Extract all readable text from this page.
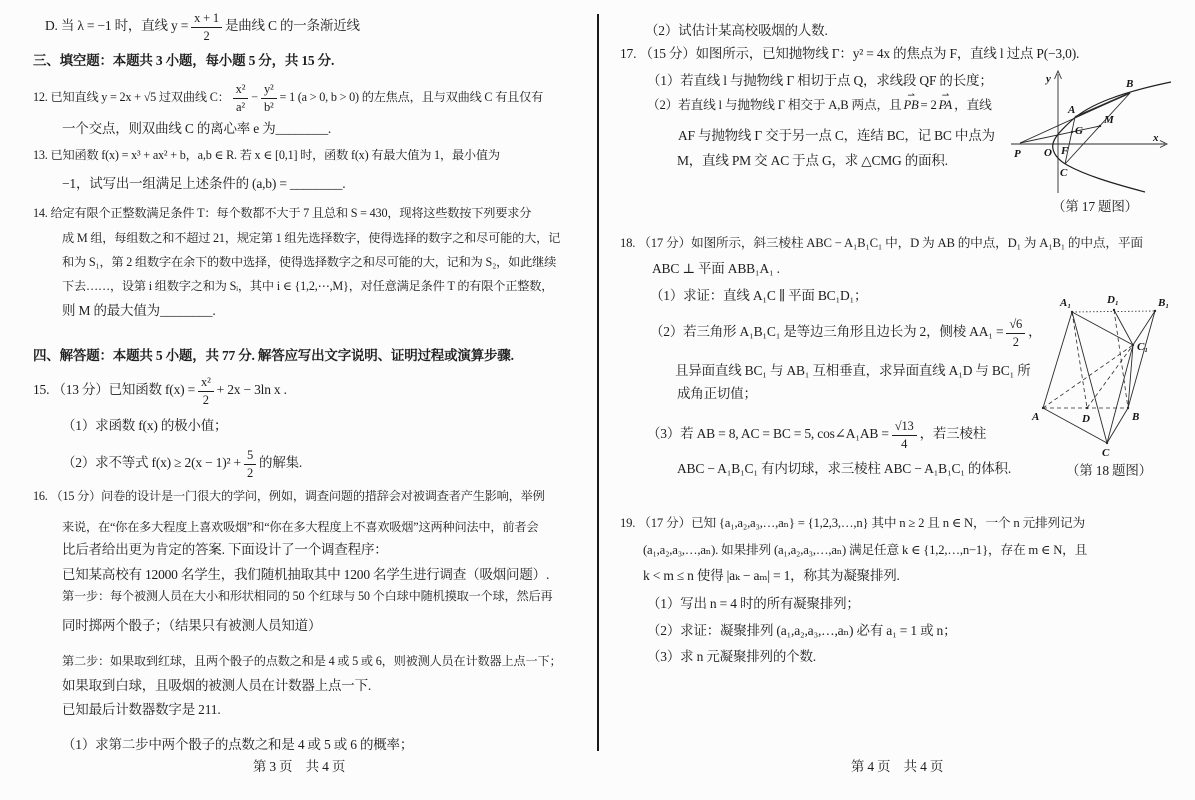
D. 当 λ = −1 时，直线 $y = \frac{x + 1}{2}$ 是曲线 C 的一条渐近线
三、填空题：本题共 3 小题，每小题 5 分，共 15 分.
12. 已知直线 y = 2x + √5 过双曲线 C： $\frac{\text{x²}}{\text{a²}} - \frac{\text{y²}}{\text{b²}} = 1$ (a > 0, b > 0) 的左焦点，且与双曲线 C 有且仅有
一个交点，则双曲线 C 的离心率 e 为________.
13. 已知函数 f(x) = x³ + ax² + b，a,b ∈ R. 若 x ∈ [0,1] 时，函数 f(x) 有最大值为 1，最小值为
−1，试写出一组满足上述条件的 (a,b) = ________.
14. 给定有限个正整数满足条件 T：每个数都不大于 7 且总和 S = 430，现将这些数按下列要求分
成 M 组，每组数之和不超过 21，规定第 1 组先选择数字，使得选择的数字之和尽可能的大，记
和为 S₁，第 2 组数字在余下的数中选择，使得选择数字之和尽可能的大，记和为 S₂，如此继续
下去……，设第 i 组数字之和为 Sᵢ，其中 i ∈ {1,2,⋯,M}，对任意满足条件 T 的有限个正整数，
则 M 的最大值为________.
四、解答题：本题共 5 小题，共 77 分. 解答应写出文字说明、证明过程或演算步骤.
15. （13 分）已知函数 $f(x) = \frac{\text{x²}}{2} + 2x - 3\ln$ x .
（1）求函数 f(x) 的极小值；
（2）求不等式 $f(x) \ge 2(x - 1)^2 + \frac{5}{2}$ 的解集.
16. （15 分）问卷的设计是一门很大的学问，例如，调查问题的措辞会对被调查者产生影响，举例
来说，在“你在多大程度上喜欢吸烟”和“你在多大程度上不喜欢吸烟”这两种问法中，前者会
比后者给出更为肯定的答案. 下面设计了一个调查程序：
已知某高校有 12000 名学生，我们随机抽取其中 1200 名学生进行调查（吸烟问题）.
第一步：每个被测人员在大小和形状相同的 50 个红球与 50 个白球中随机摸取一个球，然后再
同时掷两个骰子；（结果只有被测人员知道）
第二步：如果取到红球，且两个骰子的点数之和是 4 或 5 或 6，则被测人员在计数器上点一下；
如果取到白球，且吸烟的被测人员在计数器上点一下.
已知最后计数器数字是 211.
（1）求第二步中两个骰子的点数之和是 4 或 5 或 6 的概率；
第 3 页　共 4 页
（2）试估计某高校吸烟的人数.
17. （15 分）如图所示，已知抛物线 Γ：y² = 4x 的焦点为 F，直线 l 过点 P(−3,0).
（1）若直线 l 与抛物线 Γ 相切于点 Q，求线段 QF 的长度；
（2）若直线 l 与抛物线 Γ 相交于 A,B 两点，且 ⇀ PB = 2 ⇀ PA ，直线
AF 与抛物线 Γ 交于另一点 C，连结 BC，记 BC 中点为
M，直线 PM 交 AC 于点 G，求 △CMG 的面积.
y
x
P O F
A
B
C
M
G
（第 17 题图）
18. （17 分）如图所示，斜三棱柱 ABC − A₁B₁C₁ 中，D 为 AB 的中点，D₁ 为 A₁B₁ 的中点，平面
ABC ⊥ 平面 ABB₁A₁ .
（1）求证：直线 A₁C ∥ 平面 BC₁D₁；
（2）若三角形 A₁B₁C₁ 是等边三角形且边长为 2，侧棱 $AA_1 = \frac{√6}{2}$ ，
且异面直线 BC₁ 与 AB₁ 互相垂直，求异面直线 A₁D 与 BC₁ 所
成角正切值；
（3）若 AB = 8, AC = BC = 5, cos∠A₁AB = $\frac{√13}{4}$ ，若三棱柱
ABC − A₁B₁C₁ 有内切球，求三棱柱 ABC − A₁B₁C₁ 的体积.
A₁	D₁	B₁
C₁
A	D	B
C
（第 18 题图）
19. （17 分）已知 {a₁,a₂,a₃,…,aₙ} = {1,2,3,…,n} 其中 n ≥ 2 且 n ∈ N，一个 n 元排列记为
(a₁,a₂,a₃,…,aₙ). 如果排列 (a₁,a₂,a₃,…,aₙ) 满足任意 k ∈ {1,2,…,n−1}，存在 m ∈ N，且
k < m ≤ n 使得 |aₖ − aₘ| = 1，称其为凝聚排列.
（1）写出 n = 4 时的所有凝聚排列；
（2）求证：凝聚排列 (a₁,a₂,a₃,…,aₙ) 必有 a₁ = 1 或 n；
（3）求 n 元凝聚排列的个数.
第 4 页　共 4 页
